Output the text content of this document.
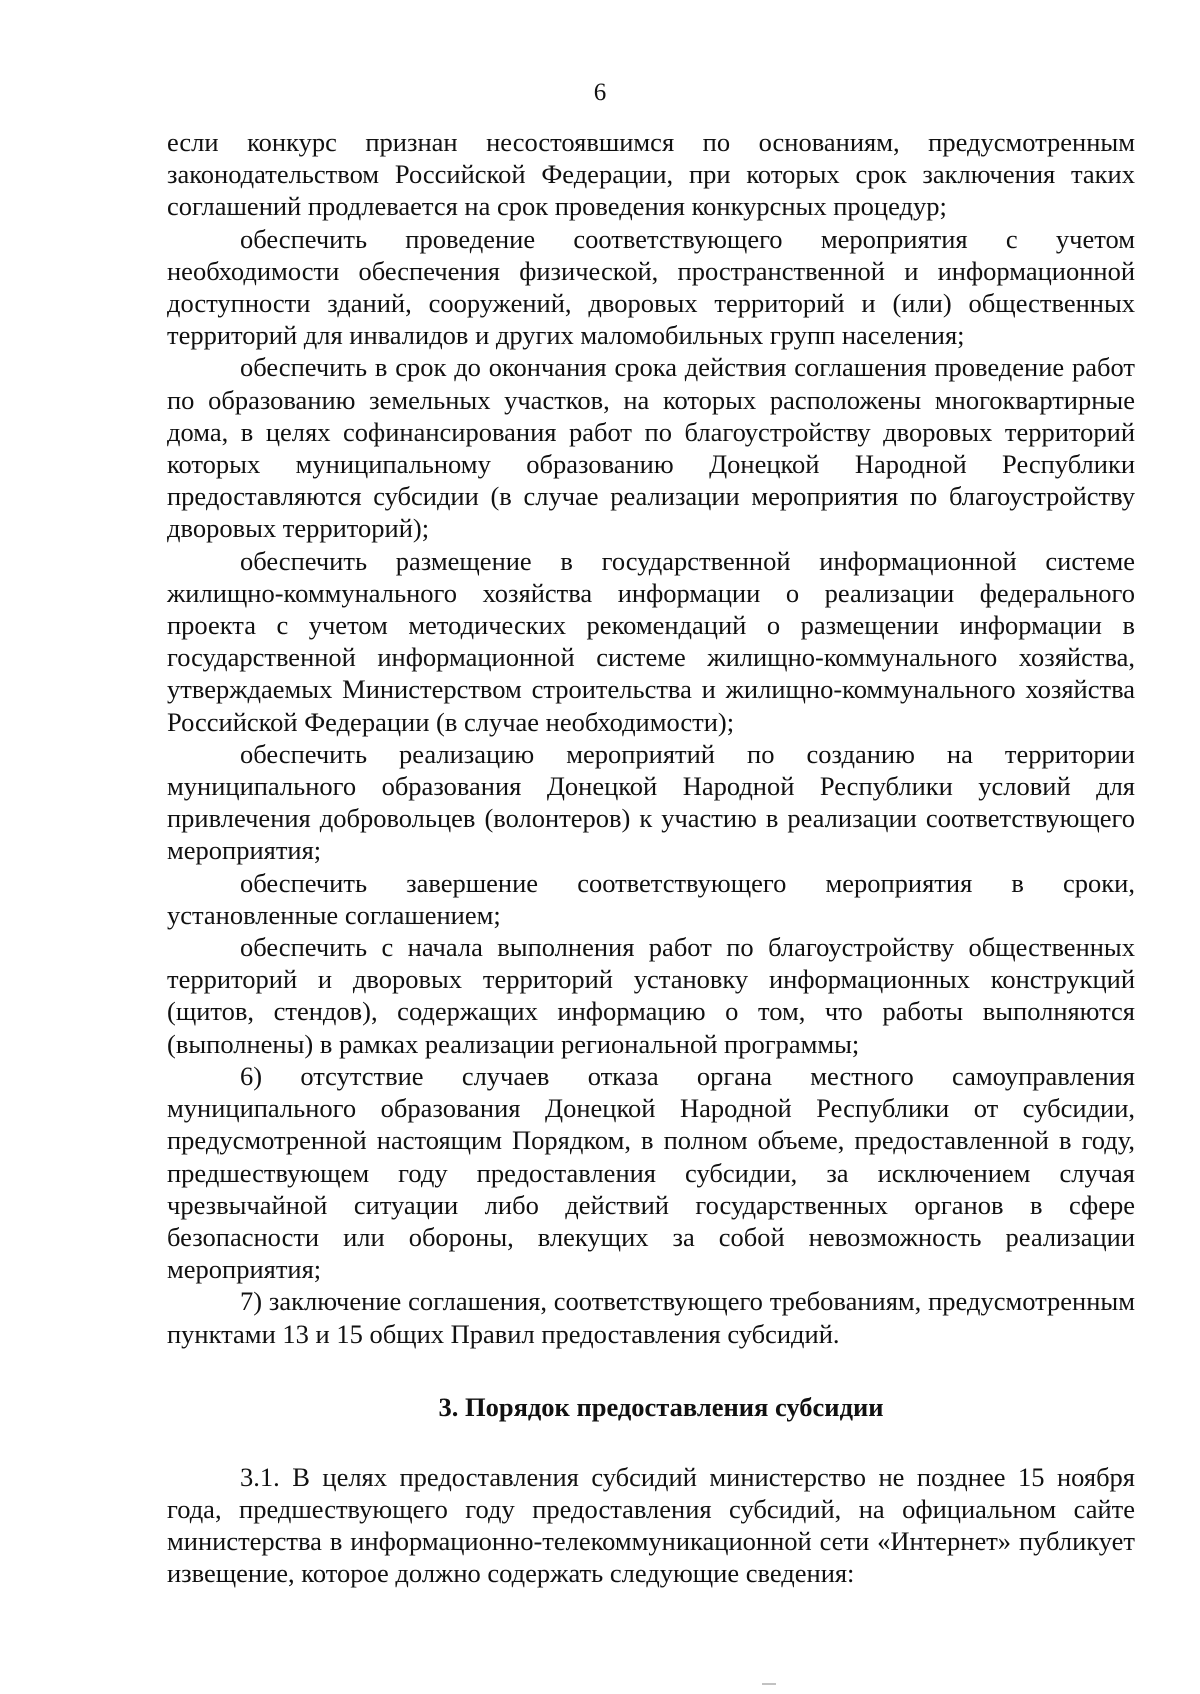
6

если конкурс признан несостоявшимся по основаниям, предусмотренным законодательством Российской Федерации, при которых срок заключения таких соглашений продлевается на срок проведения конкурсных процедур;

обеспечить проведение соответствующего мероприятия с учетом необходимости обеспечения физической, пространственной и информационной доступности зданий, сооружений, дворовых территорий и (или) общественных территорий для инвалидов и других маломобильных групп населения;

обеспечить в срок до окончания срока действия соглашения проведение работ по образованию земельных участков, на которых расположены многоквартирные дома, в целях софинансирования работ по благоустройству дворовых территорий которых муниципальному образованию Донецкой Народной Республики предоставляются субсидии (в случае реализации мероприятия по благоустройству дворовых территорий);

обеспечить размещение в государственной информационной системе жилищно-коммунального хозяйства информации о реализации федерального проекта с учетом методических рекомендаций о размещении информации в государственной информационной системе жилищно-коммунального хозяйства, утверждаемых Министерством строительства и жилищно-коммунального хозяйства Российской Федерации (в случае необходимости);

обеспечить реализацию мероприятий по созданию на территории муниципального образования Донецкой Народной Республики условий для привлечения добровольцев (волонтеров) к участию в реализации соответствующего мероприятия;

обеспечить завершение соответствующего мероприятия в сроки, установленные соглашением;

обеспечить с начала выполнения работ по благоустройству общественных территорий и дворовых территорий установку информационных конструкций (щитов, стендов), содержащих информацию о том, что работы выполняются (выполнены) в рамках реализации региональной программы;

6) отсутствие случаев отказа органа местного самоуправления муниципального образования Донецкой Народной Республики от субсидии, предусмотренной настоящим Порядком, в полном объеме, предоставленной в году, предшествующем году предоставления субсидии, за исключением случая чрезвычайной ситуации либо действий государственных органов в сфере безопасности или обороны, влекущих за собой невозможность реализации мероприятия;

7) заключение соглашения, соответствующего требованиям, предусмотренным пунктами 13 и 15 общих Правил предоставления субсидий.

3. Порядок предоставления субсидии

3.1. В целях предоставления субсидий министерство не позднее 15 ноября года, предшествующего году предоставления субсидий, на официальном сайте министерства в информационно-телекоммуникационной сети «Интернет» публикует извещение, которое должно содержать следующие сведения:
